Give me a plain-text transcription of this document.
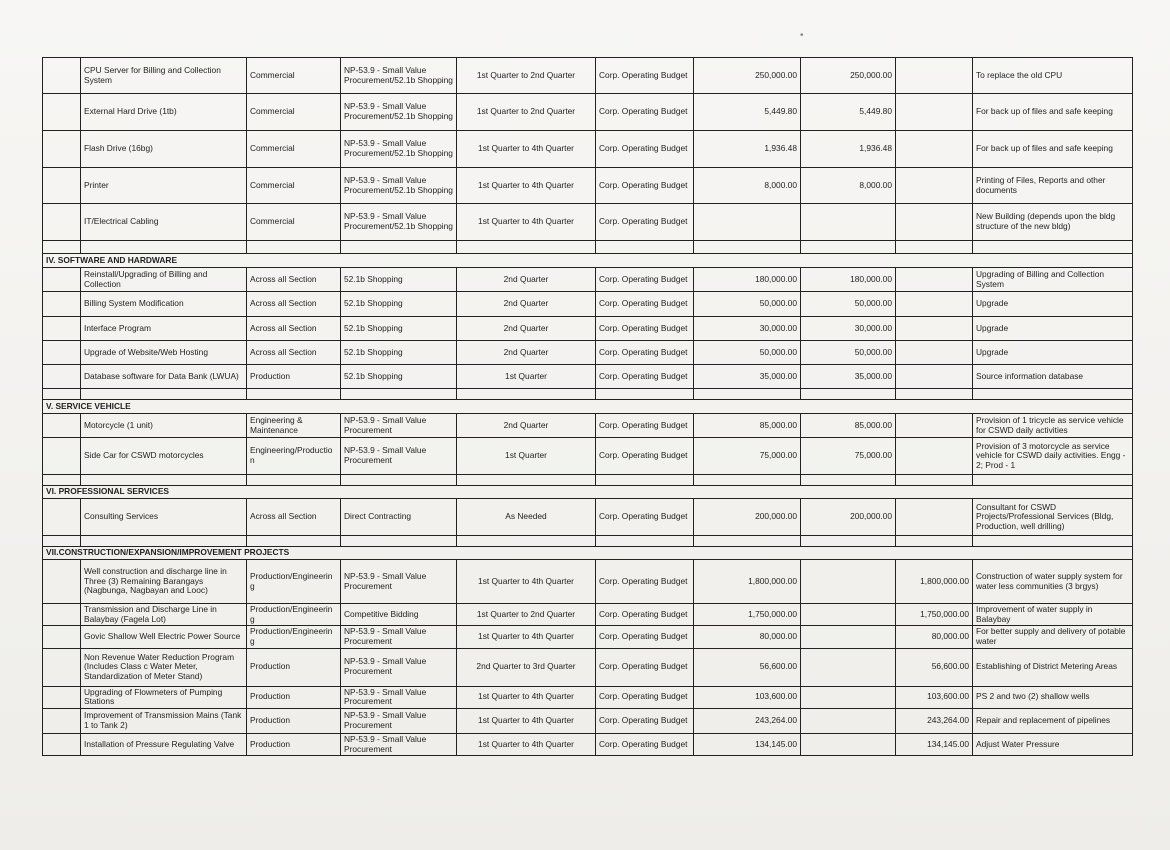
	CPU Server for Billing and Collection System	Commercial	NP-53.9 - Small Value Procurement/52.1b Shopping	1st Quarter to 2nd Quarter	Corp. Operating Budget	250,000.00	250,000.00		To replace the old CPU
	External Hard Drive (1tb)	Commercial	NP-53.9 - Small Value Procurement/52.1b Shopping	1st Quarter to 2nd Quarter	Corp. Operating Budget	5,449.80	5,449.80		For back up of files and safe keeping
	Flash Drive (16bg)	Commercial	NP-53.9 - Small Value Procurement/52.1b Shopping	1st Quarter to 4th Quarter	Corp. Operating Budget	1,936.48	1,936.48		For back up of files and safe keeping
	Printer	Commercial	NP-53.9 - Small Value Procurement/52.1b Shopping	1st Quarter to 4th Quarter	Corp. Operating Budget	8,000.00	8,000.00		Printing of Files, Reports and other documents
	IT/Electrical Cabling	Commercial	NP-53.9 - Small Value Procurement/52.1b Shopping	1st Quarter to 4th Quarter	Corp. Operating Budget				New Building (depends upon the bldg structure of the new bldg)

IV. SOFTWARE AND HARDWARE									
	Reinstall/Upgrading of Billing and Collection	Across all Section	52.1b Shopping	2nd Quarter	Corp. Operating Budget	180,000.00	180,000.00		Upgrading of Billing and Collection System
	Billing System Modification	Across all Section	52.1b Shopping	2nd Quarter	Corp. Operating Budget	50,000.00	50,000.00		Upgrade
	Interface Program	Across all Section	52.1b Shopping	2nd Quarter	Corp. Operating Budget	30,000.00	30,000.00		Upgrade
	Upgrade of Website/Web Hosting	Across all Section	52.1b Shopping	2nd Quarter	Corp. Operating Budget	50,000.00	50,000.00		Upgrade
	Database software for Data Bank (LWUA)	Production	52.1b Shopping	1st Quarter	Corp. Operating Budget	35,000.00	35,000.00		Source information database

V. SERVICE VEHICLE									
	Motorcycle (1 unit)	Engineering & Maintenance	NP-53.9 - Small Value Procurement	2nd Quarter	Corp. Operating Budget	85,000.00	85,000.00		Provision of 1 tricycle as service vehicle for CSWD daily activities
	Side Car for CSWD motorcycles	Engineering/Production	NP-53.9 - Small Value Procurement	1st Quarter	Corp. Operating Budget	75,000.00	75,000.00		Provision of 3 motorcycle as service vehicle for CSWD daily activities. Engg - 2; Prod - 1

VI. PROFESSIONAL SERVICES									
	Consulting Services	Across all Section	Direct Contracting	As Needed	Corp. Operating Budget	200,000.00	200,000.00		Consultant for CSWD Projects/Professional Services (Bldg, Production, well drilling)

VII.CONSTRUCTION/EXPANSION/IMPROVEMENT PROJECTS									
	Well construction and discharge line in Three (3) Remaining Barangays (Nagbunga, Nagbayan and Looc)	Production/Engineering	NP-53.9 - Small Value Procurement	1st Quarter to 4th Quarter	Corp. Operating Budget	1,800,000.00		1,800,000.00	Construction of water supply system for water less communities (3 brgys)
	Transmission and Discharge Line in Balaybay (Fagela Lot)	Production/Engineering	Competitive Bidding	1st Quarter to 2nd Quarter	Corp. Operating Budget	1,750,000.00		1,750,000.00	Improvement of water supply in Balaybay
	Govic Shallow Well Electric Power Source	Production/Engineering	NP-53.9 - Small Value Procurement	1st Quarter to 4th Quarter	Corp. Operating Budget	80,000.00		80,000.00	For better supply and delivery of potable water
	Non Revenue Water Reduction Program (Includes Class c Water Meter, Standardization of Meter Stand)	Production	NP-53.9 - Small Value Procurement	2nd Quarter to 3rd Quarter	Corp. Operating Budget	56,600.00		56,600.00	Establishing of District Metering Areas
	Upgrading of Flowmeters of Pumping Stations	Production	NP-53.9 - Small Value Procurement	1st Quarter to 4th Quarter	Corp. Operating Budget	103,600.00		103,600.00	PS 2 and two (2) shallow wells
	Improvement of Transmission Mains (Tank 1 to Tank 2)	Production	NP-53.9 - Small Value Procurement	1st Quarter to 4th Quarter	Corp. Operating Budget	243,264.00		243,264.00	Repair and replacement of pipelines
	Installation of Pressure Regulating Valve	Production	NP-53.9 - Small Value Procurement	1st Quarter to 4th Quarter	Corp. Operating Budget	134,145.00		134,145.00	Adjust Water Pressure
•
